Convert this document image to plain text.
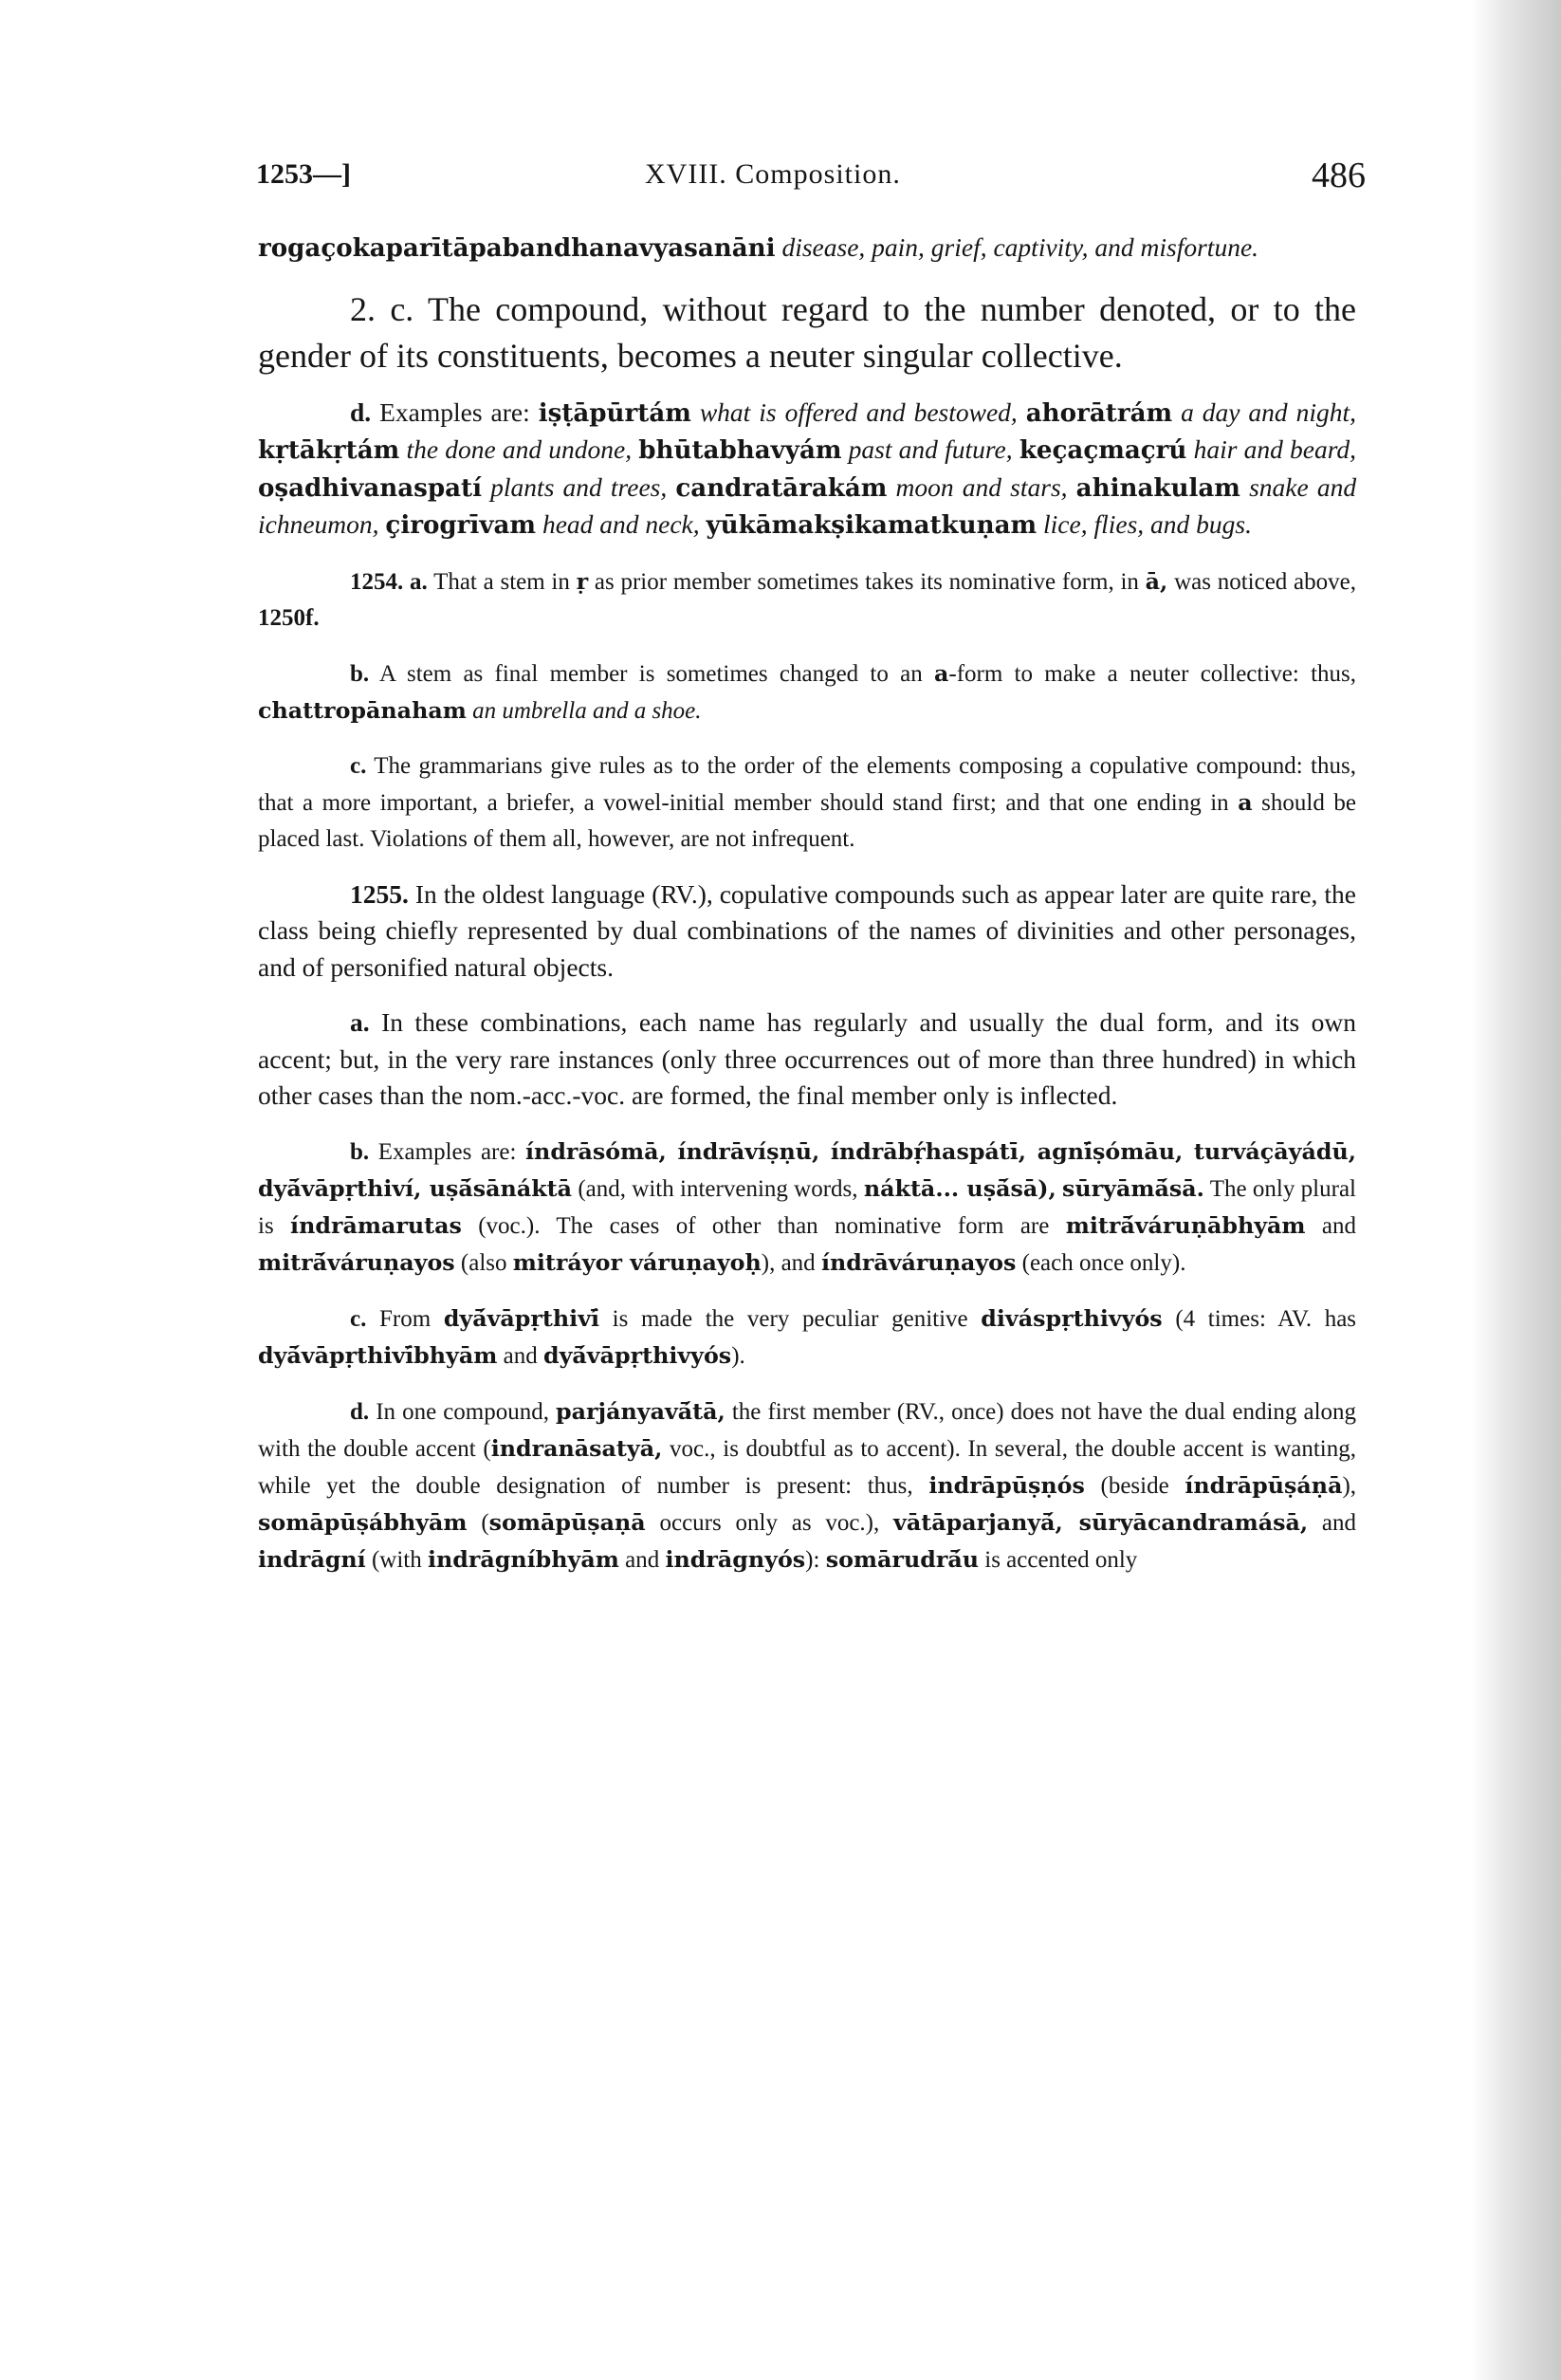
1253—]	XVIII. Composition.	486

rogaçokaparītāpabandhanavyasanāni disease, pain, grief, captivity, and misfortune.

2. c. The compound, without regard to the number denoted, or to the gender of its constituents, becomes a neuter singular collective.

d. Examples are: iṣṭāpūrtám what is offered and bestowed, ahorātrám a day and night, kṛtākṛtám the done and undone, bhūtabhavyám past and future, keçaçmaçrú hair and beard, oṣadhivanaspatí plants and trees, candratārakám moon and stars, ahinakulam snake and ichneumon, çirogrīvam head and neck, yūkāmakṣikamatkuṇam lice, flies, and bugs.

1254. a. That a stem in ṛ as prior member sometimes takes its nominative form, in ā, was noticed above, 1250f.

b. A stem as final member is sometimes changed to an a-form to make a neuter collective: thus, chattropānaham an umbrella and a shoe.

c. The grammarians give rules as to the order of the elements composing a copulative compound: thus, that a more important, a briefer, a vowel-initial member should stand first; and that one ending in a should be placed last. Violations of them all, however, are not infrequent.

1255. In the oldest language (RV.), copulative compounds such as appear later are quite rare, the class being chiefly represented by dual combinations of the names of divinities and other personages, and of personified natural objects.

a. In these combinations, each name has regularly and usually the dual form, and its own accent; but, in the very rare instances (only three occurrences out of more than three hundred) in which other cases than the nom.-acc.-voc. are formed, the final member only is inflected.

b. Examples are: índrāsómā, índrāvíṣṇū, índrābṛ́haspátī, agnī́ṣómāu, turváçāyádū, dyā́vāpṛthiví, uṣā́sānáktā (and, with intervening words, náktā... uṣā́sā), sūryāmā́sā. The only plural is índrāmarutas (voc.). The cases of other than nominative form are mitrā́váruṇābhyām and mitrā́váruṇayos (also mitráyor váruṇayoḥ), and índrāváruṇayos (each once only).

c. From dyā́vāpṛthivī́ is made the very peculiar genitive diváspṛthivyós (4 times: AV. has dyā́vāpṛthivī́bhyām and dyā́vāpṛthivyós).

d. In one compound, parjányavā́tā, the first member (RV., once) does not have the dual ending along with the double accent (indranāsatyā, voc., is doubtful as to accent). In several, the double accent is wanting, while yet the double designation of number is present: thus, indrāpūṣṇós (beside índrāpūṣáṇā), somāpūṣábhyām (somāpūṣaṇā occurs only as voc.), vātāparjanyā́, sūryācandramásā, and indrāgní (with indrāgníbhyām and indrāgnyós): somārudrā́u is accented only
